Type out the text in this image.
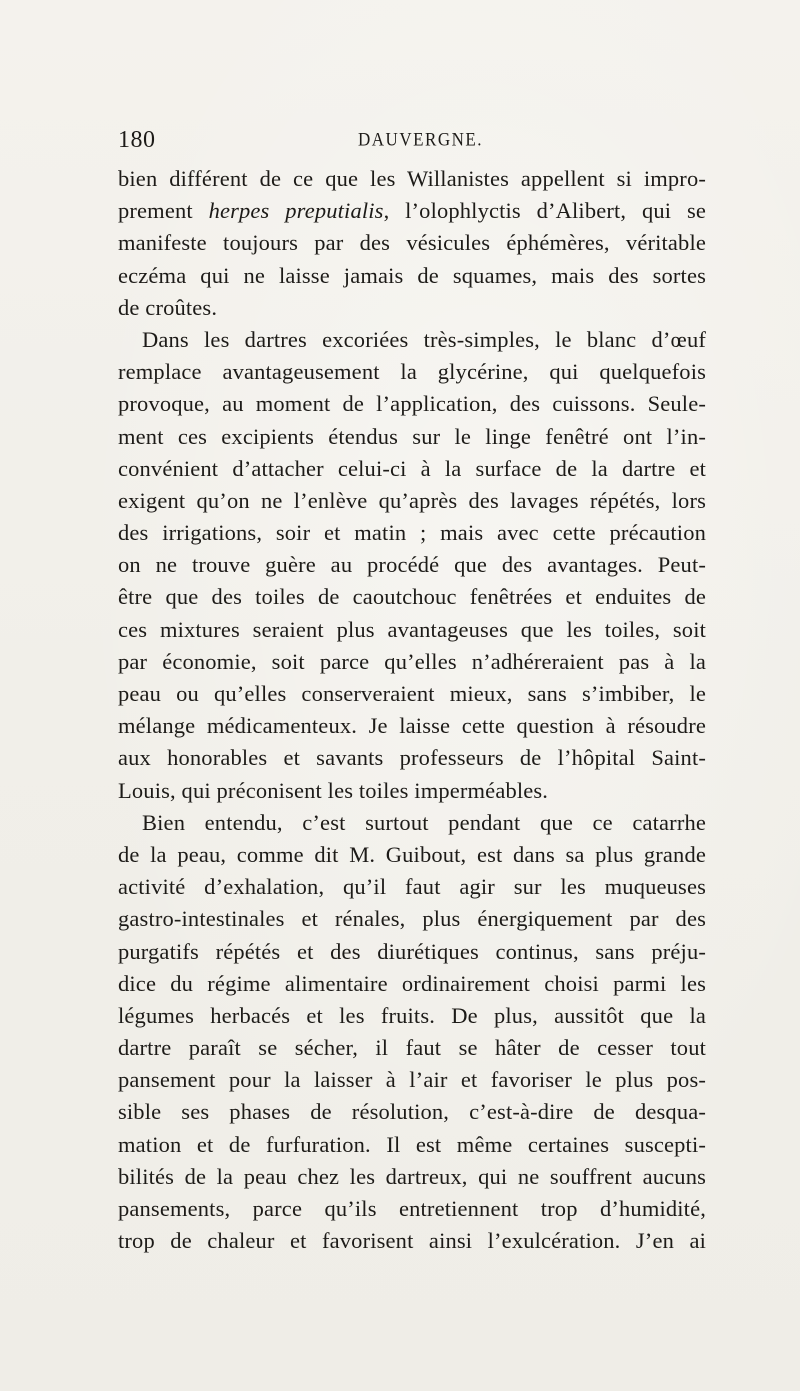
180	DAUVERGNE.
bien différent de ce que les Willanistes appellent si impro-
prement herpes preputialis, l’olophlyctis d’Alibert, qui se
manifeste toujours par des vésicules éphémères, véritable
eczéma qui ne laisse jamais de squames, mais des sortes
de croûtes.
Dans les dartres excoriées très-simples, le blanc d’œuf
remplace avantageusement la glycérine, qui quelquefois
provoque, au moment de l’application, des cuissons. Seule-
ment ces excipients étendus sur le linge fenêtré ont l’in-
convénient d’attacher celui-ci à la surface de la dartre et
exigent qu’on ne l’enlève qu’après des lavages répétés, lors
des irrigations, soir et matin ; mais avec cette précaution
on ne trouve guère au procédé que des avantages. Peut-
être que des toiles de caoutchouc fenêtrées et enduites de
ces mixtures seraient plus avantageuses que les toiles, soit
par économie, soit parce qu’elles n’adhéreraient pas à la
peau ou qu’elles conserveraient mieux, sans s’imbiber, le
mélange médicamenteux. Je laisse cette question à résoudre
aux honorables et savants professeurs de l’hôpital Saint-
Louis, qui préconisent les toiles imperméables.
Bien entendu, c’est surtout pendant que ce catarrhe
de la peau, comme dit M. Guibout, est dans sa plus grande
activité d’exhalation, qu’il faut agir sur les muqueuses
gastro-intestinales et rénales, plus énergiquement par des
purgatifs répétés et des diurétiques continus, sans préju-
dice du régime alimentaire ordinairement choisi parmi les
légumes herbacés et les fruits. De plus, aussitôt que la
dartre paraît se sécher, il faut se hâter de cesser tout
pansement pour la laisser à l’air et favoriser le plus pos-
sible ses phases de résolution, c’est-à-dire de desqua-
mation et de furfuration. Il est même certaines suscepti-
bilités de la peau chez les dartreux, qui ne souffrent aucuns
pansements, parce qu’ils entretiennent trop d’humidité,
trop de chaleur et favorisent ainsi l’exulcération. J’en ai
